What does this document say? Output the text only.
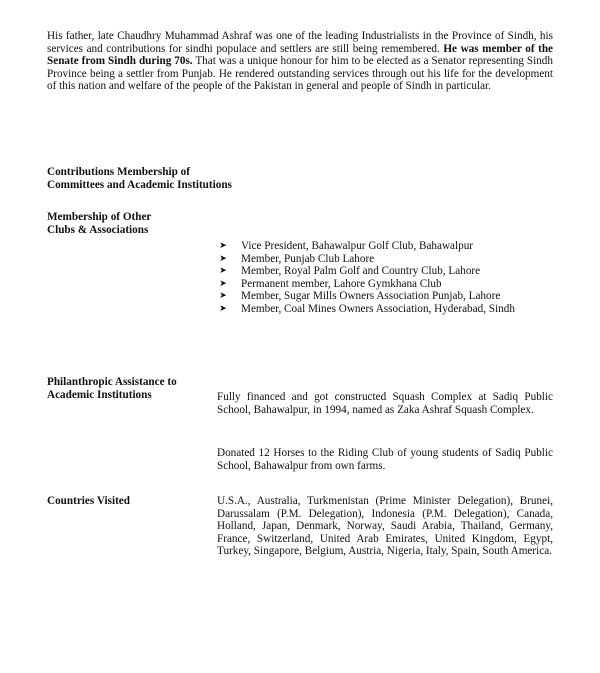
His father, late Chaudhry Muhammad Ashraf was one of the leading Industrialists in the Province of Sindh, his services and contributions for sindhi populace and settlers are still being remembered. He was member of the Senate from Sindh during 70s. That was a unique honour for him to be elected as a Senator representing Sindh Province being a settler from Punjab. He rendered outstanding services through out his life for the development of this nation and welfare of the people of the Pakistan in general and people of Sindh in particular.

Contributions Membership of
Committees and Academic Institutions
Membership of Other
Clubs & Associations
➤ Vice President, Bahawalpur Golf Club, Bahawalpur
➤ Member, Punjab Club Lahore
➤ Member, Royal Palm Golf and Country Club, Lahore
➤ Permanent member, Lahore Gymkhana Club
➤ Member, Sugar Mills Owners Association Punjab, Lahore
➤ Member, Coal Mines Owners Association, Hyderabad, Sindh
Philanthropic Assistance to
Academic Institutions	Fully financed and got constructed Squash Complex at Sadiq Public School, Bahawalpur, in 1994, named as Zaka Ashraf Squash Complex.

Donated 12 Horses to the Riding Club of young students of Sadiq Public School, Bahawalpur from own farms.

Countries Visited	U.S.A., Australia, Turkmenistan (Prime Minister Delegation), Brunei, Darussalam (P.M. Delegation), Indonesia (P.M. Delegation), Canada, Holland, Japan, Denmark, Norway, Saudi Arabia, Thailand, Germany, France, Switzerland, United Arab Emirates, United Kingdom, Egypt, Turkey, Singapore, Belgium, Austria, Nigeria, Italy, Spain, South America.
